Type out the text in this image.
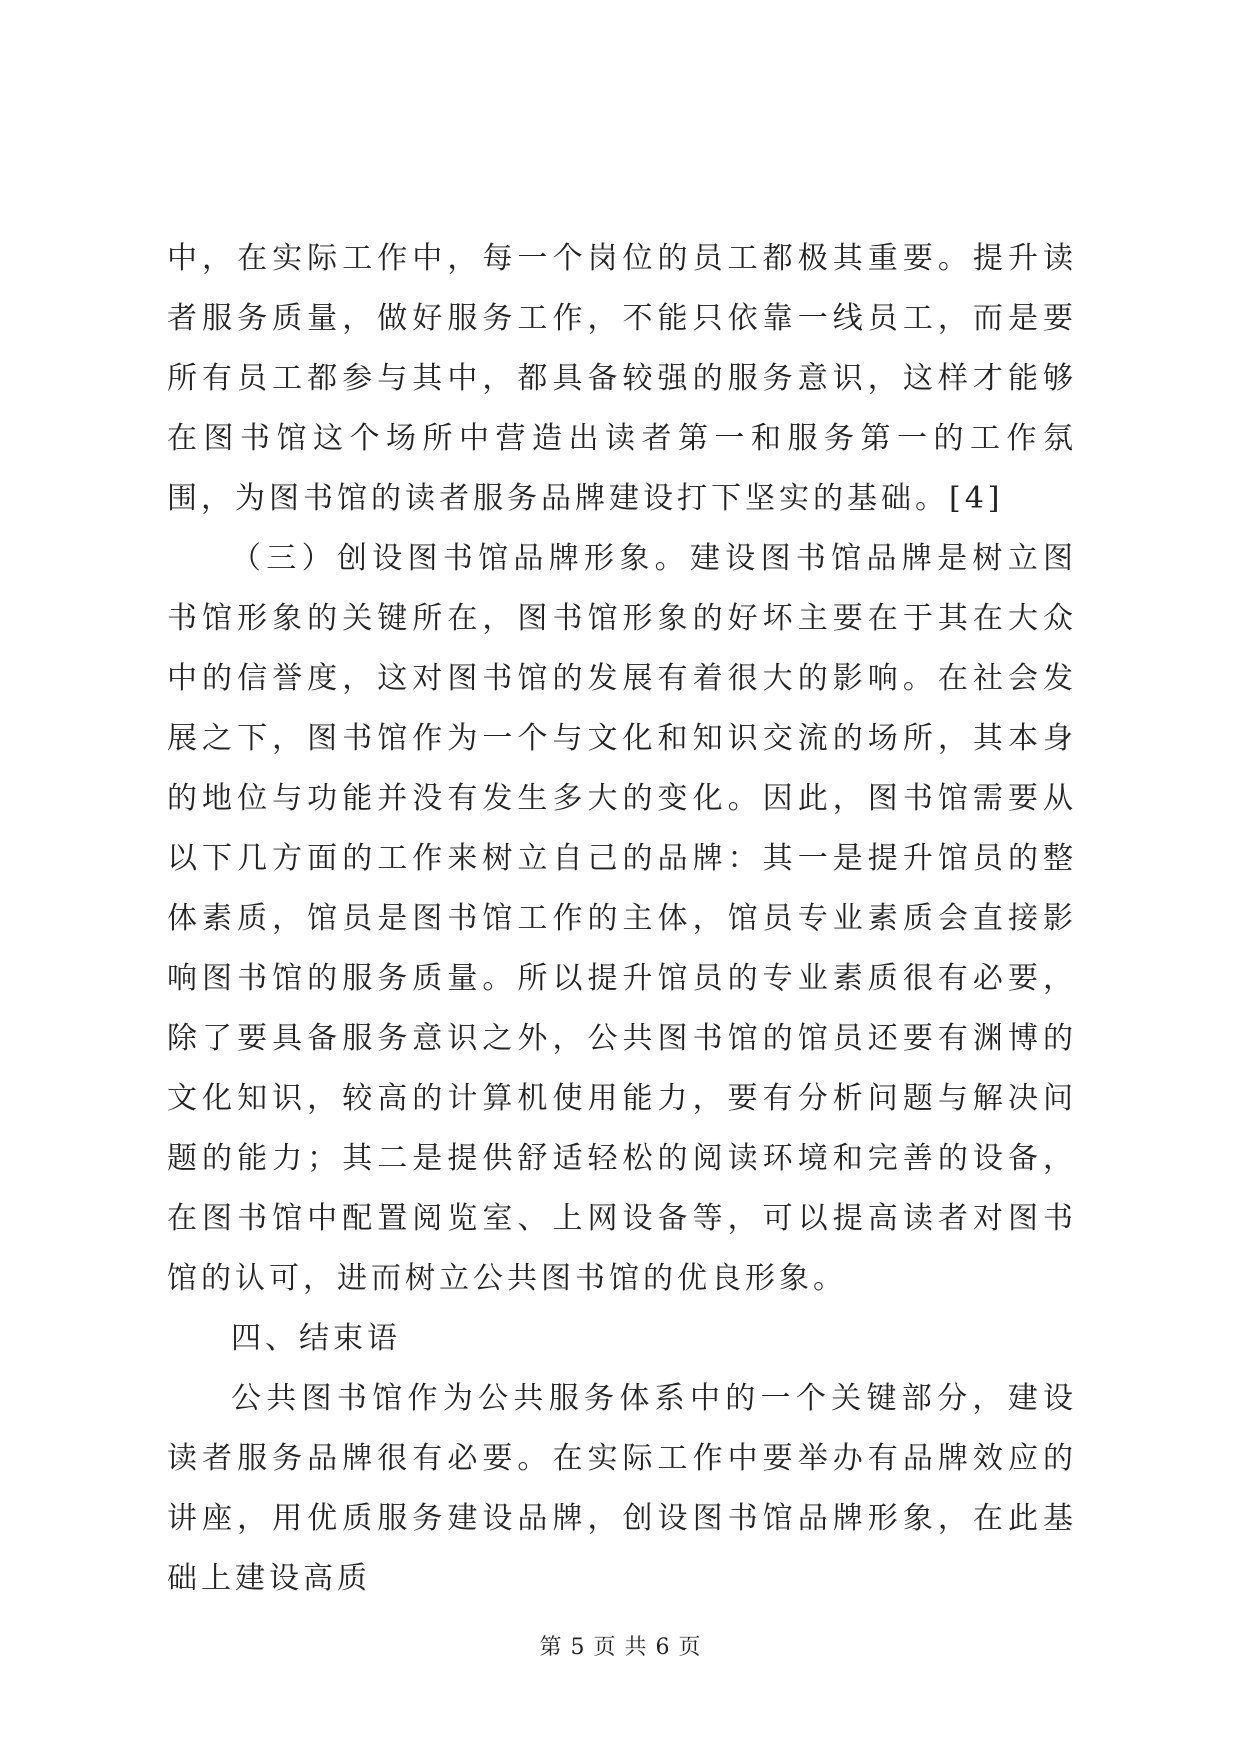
中，在实际工作中，每一个岗位的员工都极其重要。提升读者服务质量，做好服务工作，不能只依靠一线员工，而是要所有员工都参与其中，都具备较强的服务意识，这样才能够在图书馆这个场所中营造出读者第一和服务第一的工作氛围，为图书馆的读者服务品牌建设打下坚实的基础。[4]

（三）创设图书馆品牌形象。建设图书馆品牌是树立图书馆形象的关键所在，图书馆形象的好坏主要在于其在大众中的信誉度，这对图书馆的发展有着很大的影响。在社会发展之下，图书馆作为一个与文化和知识交流的场所，其本身的地位与功能并没有发生多大的变化。因此，图书馆需要从以下几方面的工作来树立自己的品牌：其一是提升馆员的整体素质，馆员是图书馆工作的主体，馆员专业素质会直接影响图书馆的服务质量。所以提升馆员的专业素质很有必要，除了要具备服务意识之外，公共图书馆的馆员还要有渊博的文化知识，较高的计算机使用能力，要有分析问题与解决问题的能力；其二是提供舒适轻松的阅读环境和完善的设备，在图书馆中配置阅览室、上网设备等，可以提高读者对图书馆的认可，进而树立公共图书馆的优良形象。

四、结束语

公共图书馆作为公共服务体系中的一个关键部分，建设读者服务品牌很有必要。在实际工作中要举办有品牌效应的讲座，用优质服务建设品牌，创设图书馆品牌形象，在此基础上建设高质

第 5 页 共 6 页
